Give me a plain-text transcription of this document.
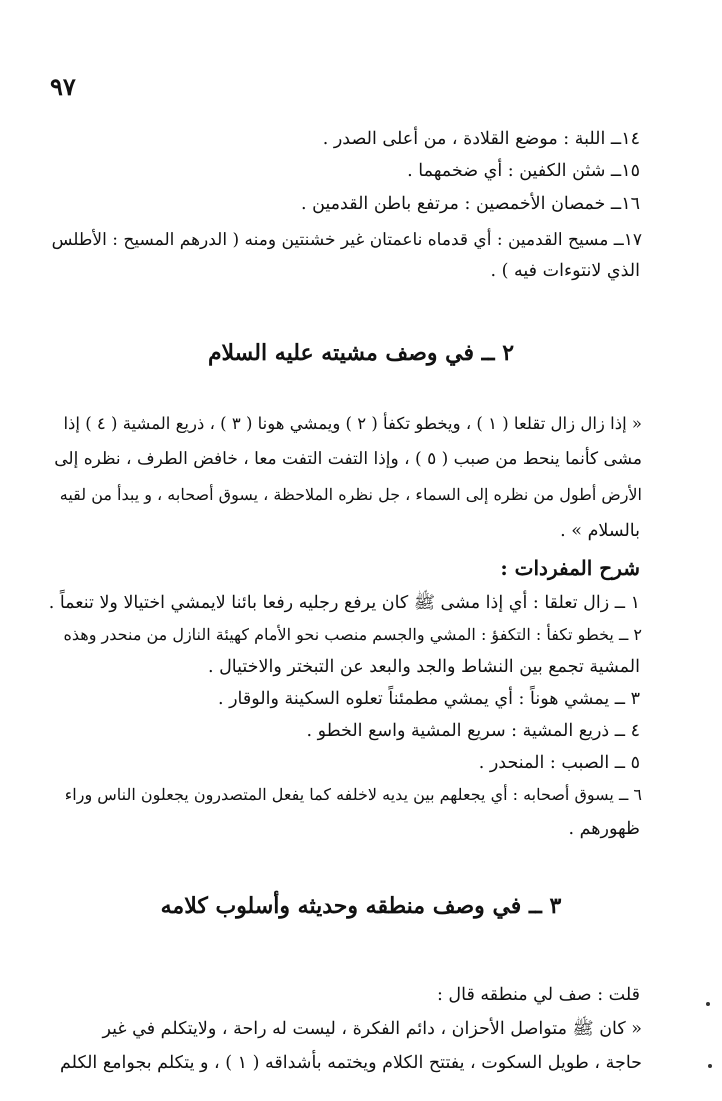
٩٧
١٤ــ اللبة : موضع القلادة ، من أعلى الصدر .
١٥ــ شثن الكفين : أي ضخمهما .
١٦ــ خمصان الأخمصين : مرتفع باطن القدمين .
١٧ــ مسيح القدمين : أي قدماه ناعمتان غير خشنتين ومنه ( الدرهم المسيح : الأطلس
الذي لانتوءات فيه ) .
٢ ــ في وصف مشيته عليه السلام
« إذا زال زال تقلعا ( ١ ) ، ويخطو تكفأ ( ٢ ) ويمشي هونا ( ٣ ) ، ذريع المشية ( ٤ ) إذا
مشى كأنما ينحط من صبب ( ٥ ) ، وإذا التفت التفت معا ، خافض الطرف ، نظره إلى
الأرض أطول من نظره إلى السماء ، جل نظره الملاحظة ، يسوق أصحابه ، و يبدأ من لقيه
بالسلام » .
شرح المفردات :
١ ــ زال تعلقا : أي إذا مشى ﷺ كان يرفع رجليه رفعا بائنا لايمشي اختيالا ولا تنعماً .
٢ ــ يخطو تكفأ : التكفؤ : المشي والجسم منصب نحو الأمام كهيئة النازل من منحدر وهذه
المشية تجمع بين النشاط والجد والبعد عن التبختر والاختيال .
٣ ــ يمشي هوناً : أي يمشي مطمئناً تعلوه السكينة والوقار .
٤ ــ ذريع المشية : سريع المشية واسع الخطو .
٥ ــ الصبب : المنحدر .
٦ ــ يسوق أصحابه : أي يجعلهم بين يديه لاخلفه كما يفعل المتصدرون يجعلون الناس وراء
ظهورهم .
٣ ــ في وصف منطقه وحديثه وأسلوب كلامه
قلت : صف لي منطقه قال :
« كان ﷺ متواصل الأحزان ، دائم الفكرة ، ليست له راحة ، ولايتكلم في غير
حاجة ، طويل السكوت ، يفتتح الكلام ويختمه بأشداقه ( ١ ) ، و يتكلم بجوامع الكلم
